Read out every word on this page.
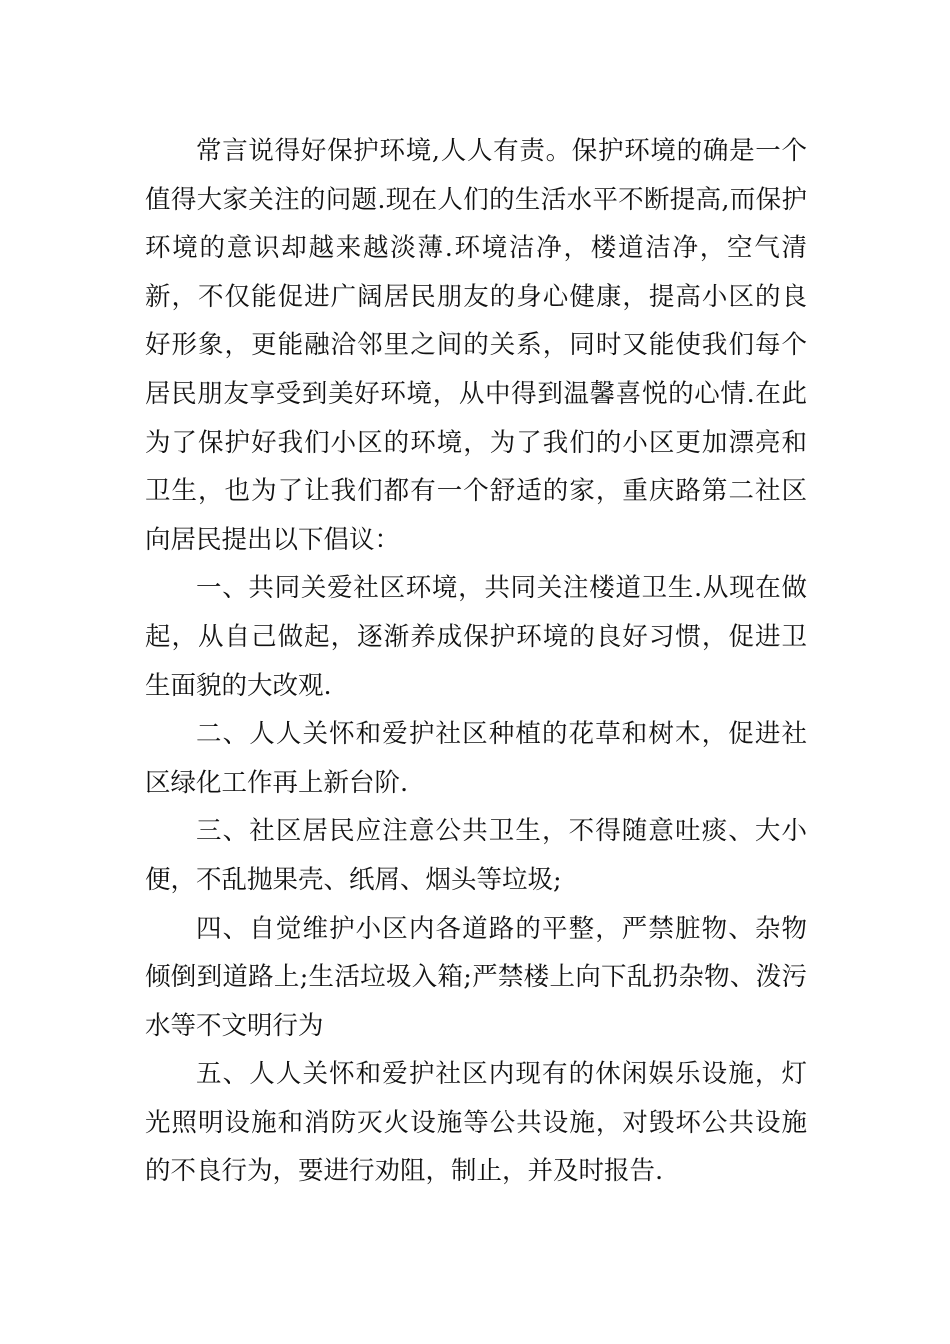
常言说得好保护环境,人人有责。保护环境的确是一个值得大家关注的问题.现在人们的生活水平不断提高,而保护环境的意识却越来越淡薄.环境洁净，楼道洁净，空气清新，不仅能促进广阔居民朋友的身心健康，提高小区的良好形象，更能融洽邻里之间的关系，同时又能使我们每个居民朋友享受到美好环境，从中得到温馨喜悦的心情.在此为了保护好我们小区的环境，为了我们的小区更加漂亮和卫生，也为了让我们都有一个舒适的家，重庆路第二社区向居民提出以下倡议：

一、共同关爱社区环境，共同关注楼道卫生.从现在做起，从自己做起，逐渐养成保护环境的良好习惯，促进卫生面貌的大改观.

二、人人关怀和爱护社区种植的花草和树木，促进社区绿化工作再上新台阶.

三、社区居民应注意公共卫生，不得随意吐痰、大小便，不乱抛果壳、纸屑、烟头等垃圾;

四、自觉维护小区内各道路的平整，严禁脏物、杂物倾倒到道路上;生活垃圾入箱;严禁楼上向下乱扔杂物、泼污水等不文明行为

五、人人关怀和爱护社区内现有的休闲娱乐设施，灯光照明设施和消防灭火设施等公共设施，对毁坏公共设施的不良行为，要进行劝阻，制止，并及时报告.
